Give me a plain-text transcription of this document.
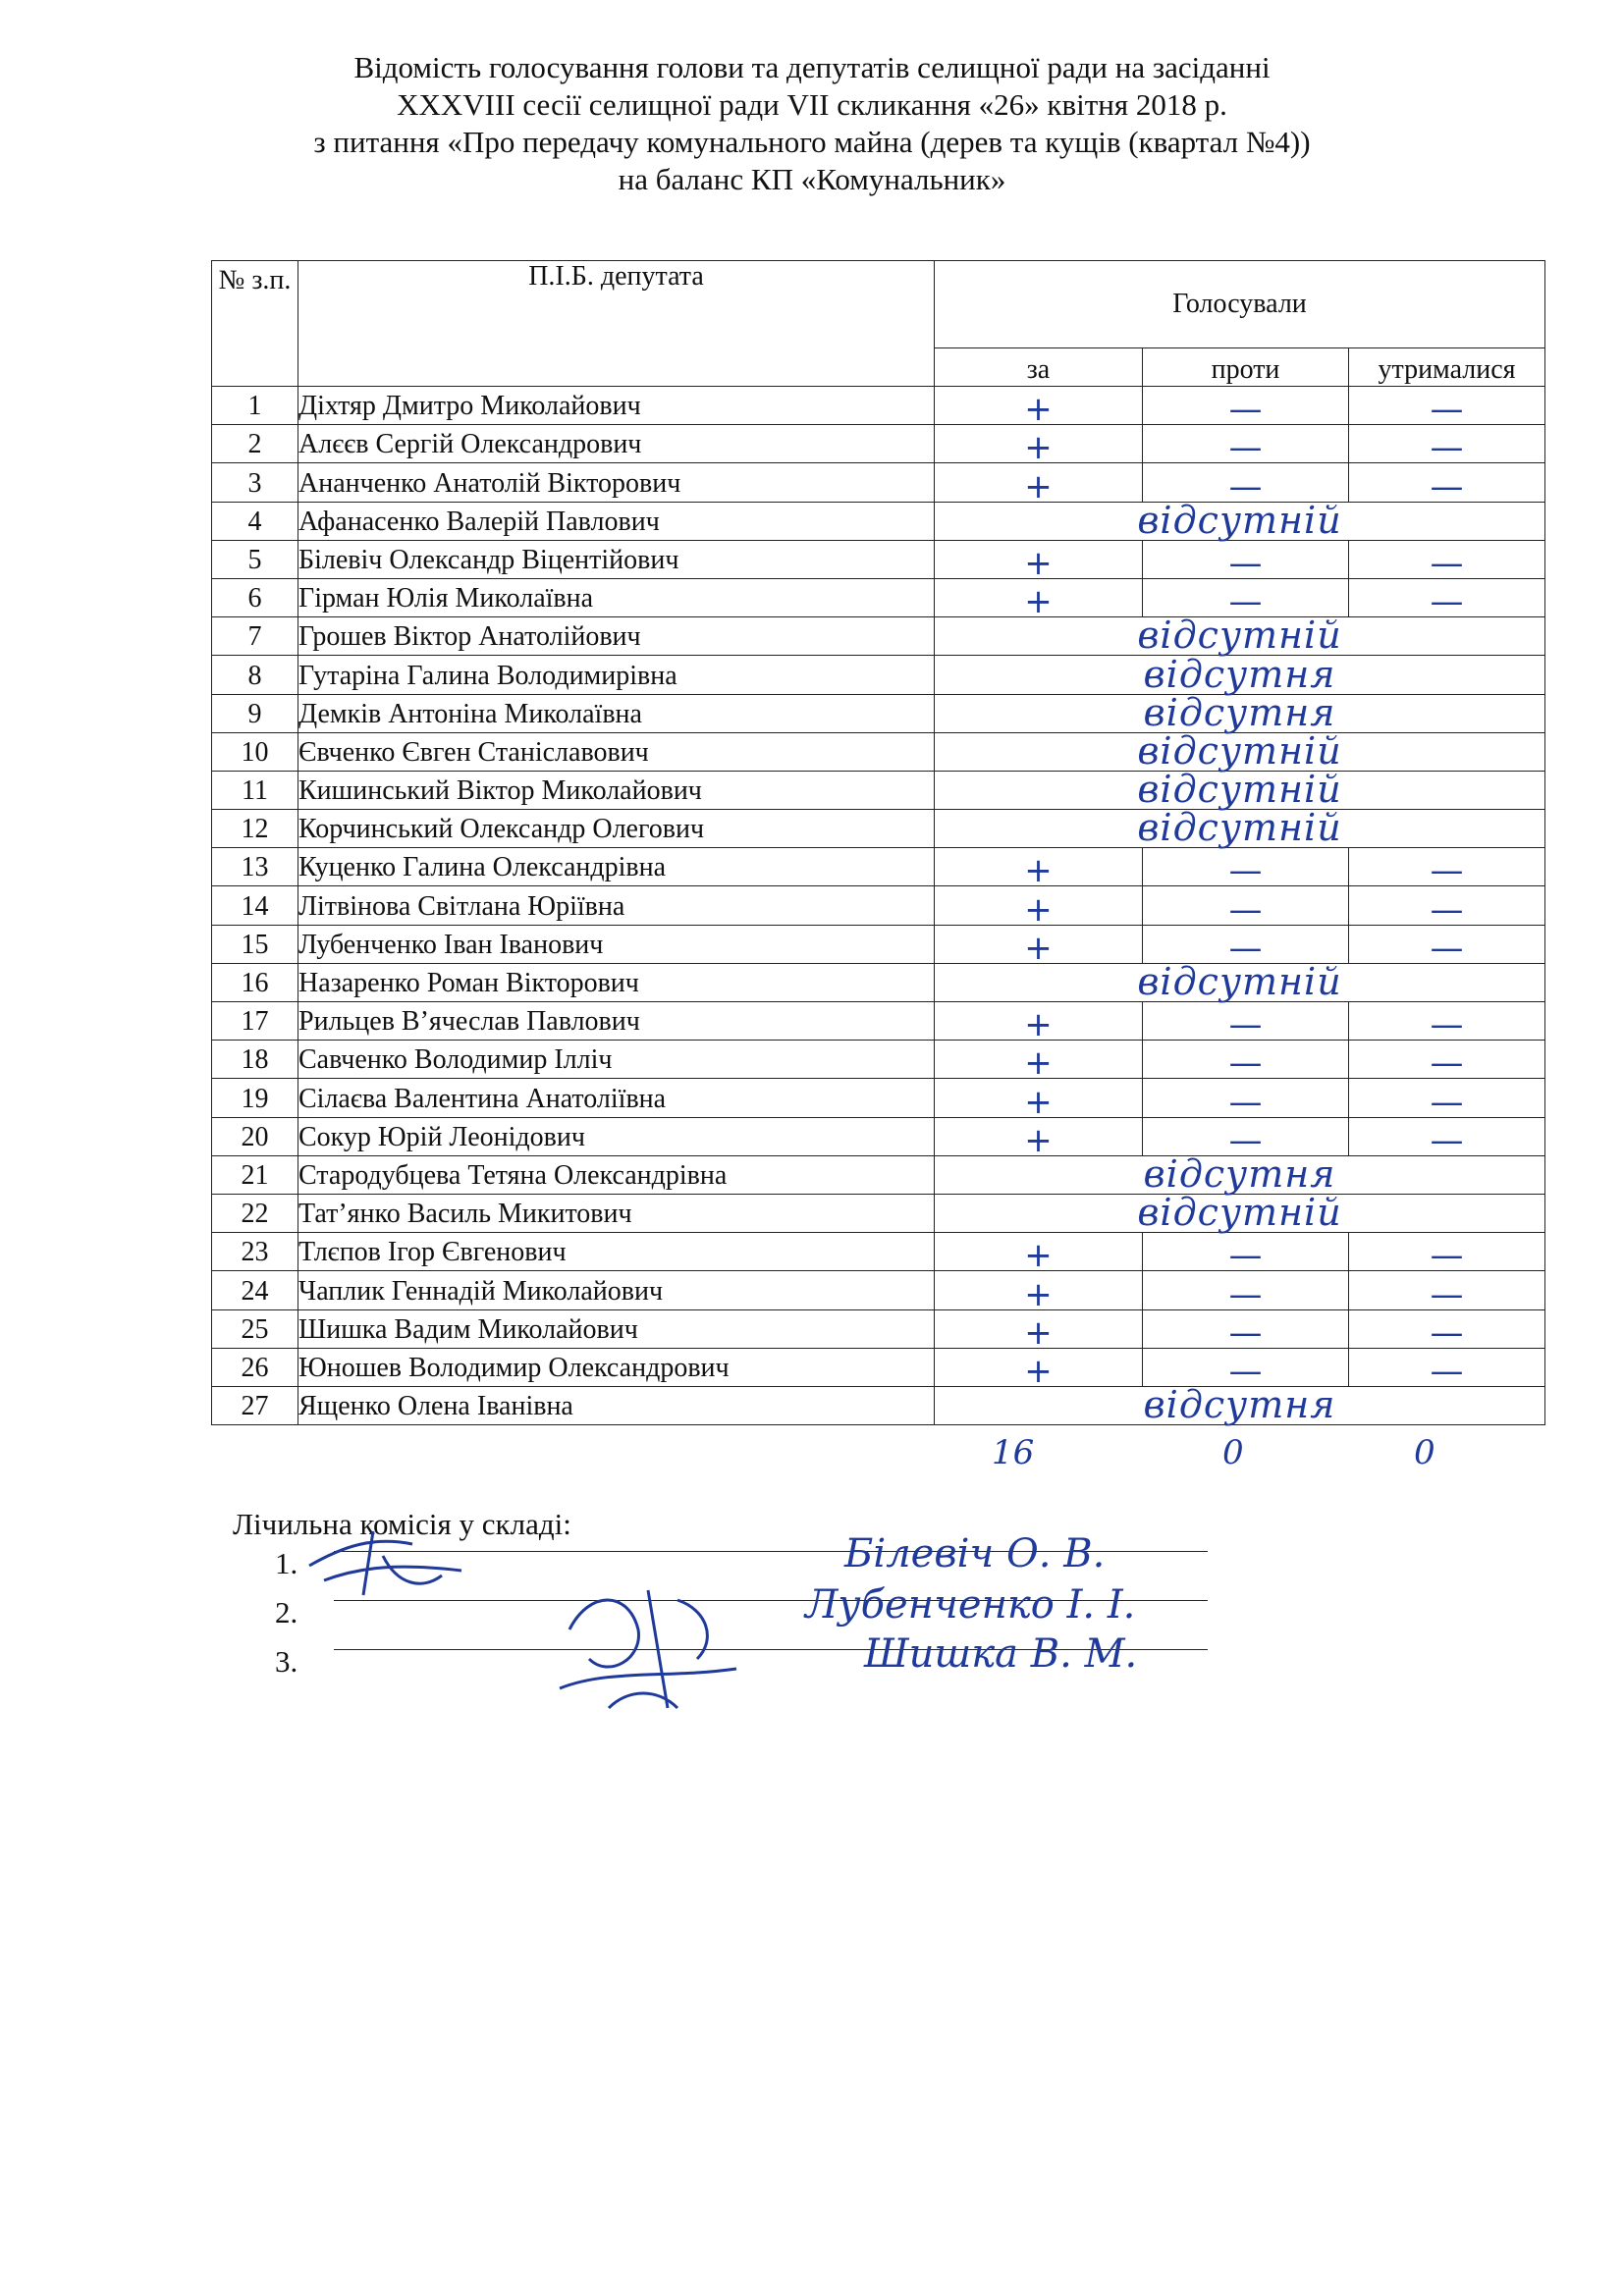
Відомість голосування голови та депутатів селищної ради на засіданні
XXXVIII сесії селищної ради VII скликання «26» квітня 2018 р.
з питання «Про передачу комунального майна (дерев та кущів (квартал №4))
на баланс КП «Комунальник»
№ з.п.	П.І.Б. депутата	Голосували		
		за	проти	утрималися
1	Діхтяр Дмитро Миколайович	+	—	—
2	Алєєв Сергій Олександрович	+	—	—
3	Ананченко Анатолій Вікторович	+	—	—
4	Афанасенко Валерій Павлович	відсутній		

5	Білевіч Олександр Віцентійович	+	—	—
6	Гірман Юлія Миколаївна	+	—	—
7	Грошев Віктор Анатолійович	відсутній		

8	Гутаріна Галина Володимирівна	відсутня		

9	Демків Антоніна Миколаївна	відсутня		

10	Євченко Євген Станіславович	відсутній		

11	Кишинський Віктор Миколайович	відсутній		

12	Корчинський Олександр Олегович	відсутній		

13	Куценко Галина Олександрівна	+	—	—
14	Літвінова Світлана Юріївна	+	—	—
15	Лубенченко Іван Іванович	+	—	—
16	Назаренко Роман Вікторович	відсутній		

17	Рильцев В’ячеслав Павлович	+	—	—
18	Савченко Володимир Ілліч	+	—	—
19	Сілаєва Валентина Анатоліївна	+	—	—
20	Сокур Юрій Леонідович	+	—	—
21	Стародубцева Тетяна Олександрівна	відсутня		

22	Тат’янко Василь Микитович	відсутній		

23	Тлєпов Ігор Євгенович	+	—	—
24	Чаплик Геннадій Миколайович	+	—	—
25	Шишка Вадим Миколайович	+	—	—
26	Юношев Володимир Олександрович	+	—	—
27	Ященко Олена Іванівна	відсутня		
16	0	0
Лічильна комісія у складі:
1.	Білевіч О. В.
2.	Лубенченко І. І.
3.	Шишка В. М.
